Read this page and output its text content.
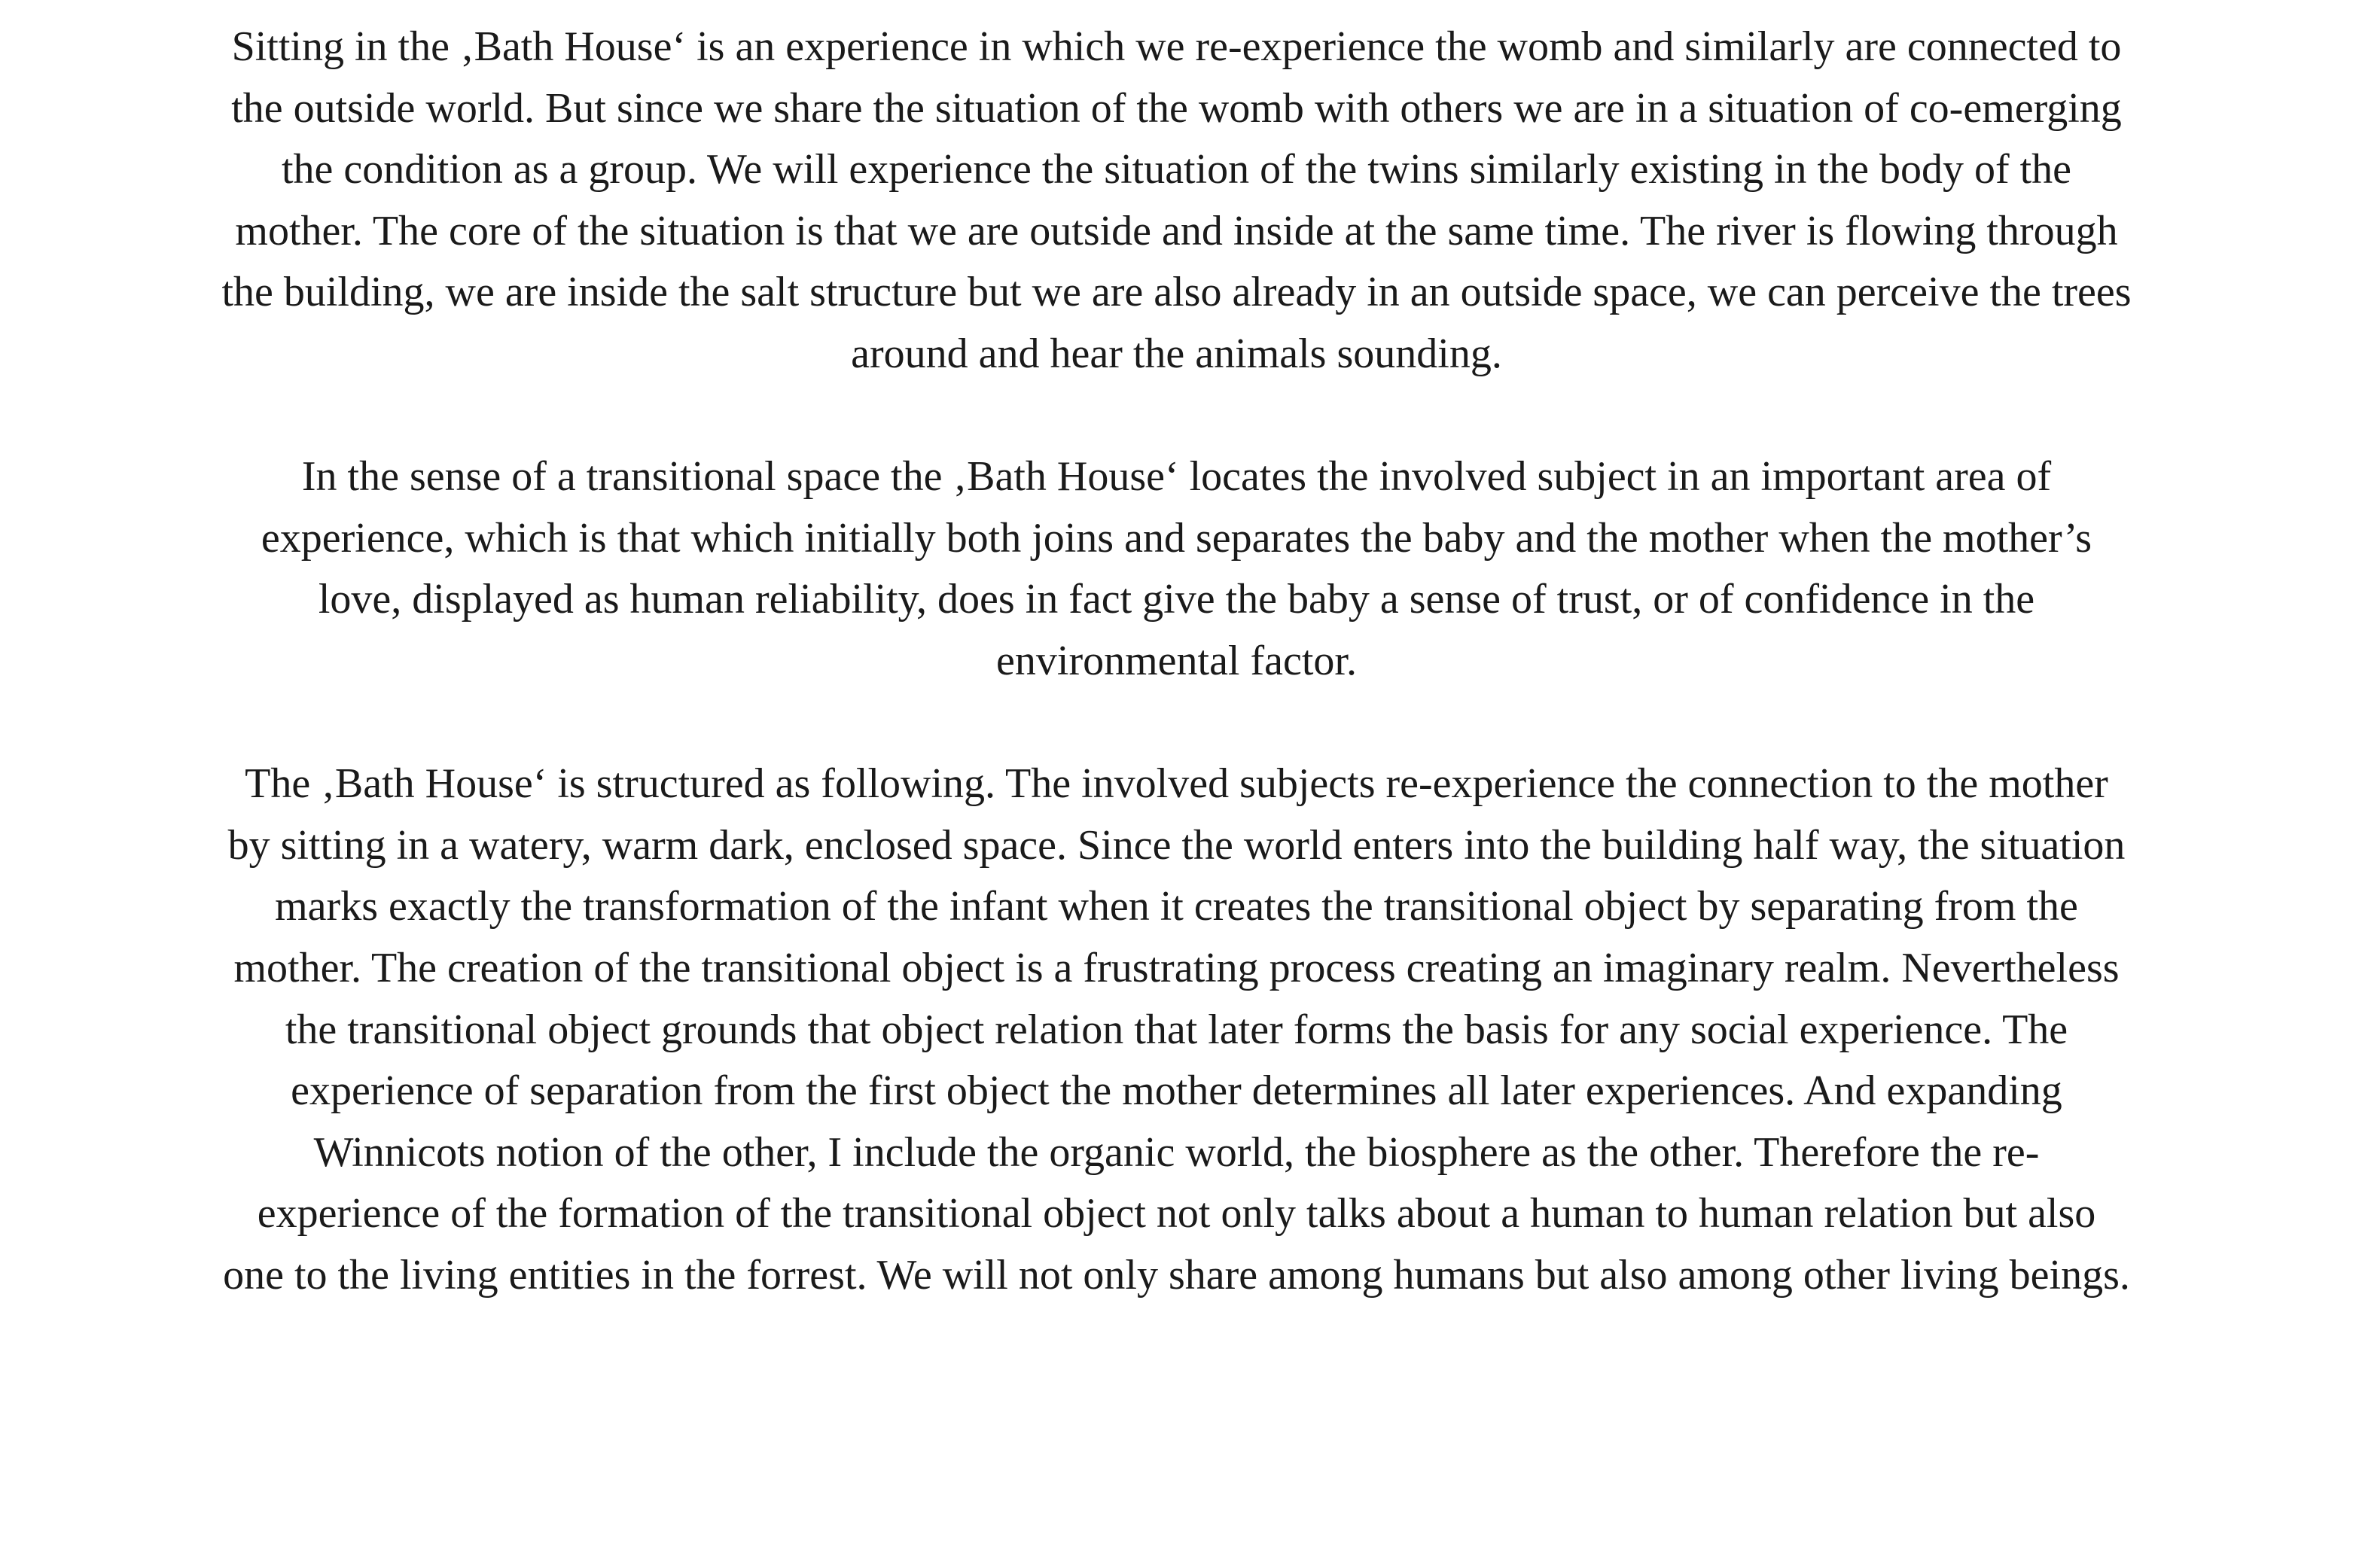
Sitting in the ‚Bath House‘ is an experience in which we re-experience the womb and similarly are connected to
the outside world. But since we share the situation of the womb with others we are in a situation of co-emerging
the condition as a group. We will experience the situation of the twins similarly existing in the body of the
mother. The core of the situation is that we are outside and inside at the same time. The river is flowing through
the building, we are inside the salt structure but we are also already in an outside space, we can perceive the trees
around and hear the animals sounding.

In the sense of a transitional space the ‚Bath House‘ locates the involved subject in an important area of
experience, which is that which initially both joins and separates the baby and the mother when the mother’s
love, displayed as human reliability, does in fact give the baby a sense of trust, or of confidence in the
environmental factor.

The ‚Bath House‘ is structured as following. The involved subjects re-experience the connection to the mother
by sitting in a watery, warm dark, enclosed space. Since the world enters into the building half way, the situation
marks exactly the transformation of the infant when it creates the transitional object by separating from the
mother. The creation of the transitional object is a frustrating process creating an imaginary realm. Nevertheless
the transitional object grounds that object relation that later forms the basis for any social experience. The
experience of separation from the first object the mother determines all later experiences. And expanding
Winnicots notion of the other, I include the organic world, the biosphere as the other. Therefore the re-
experience of the formation of the transitional object not only talks about a human to human relation but also
one to the living entities in the forrest. We will not only share among humans but also among other living beings.
